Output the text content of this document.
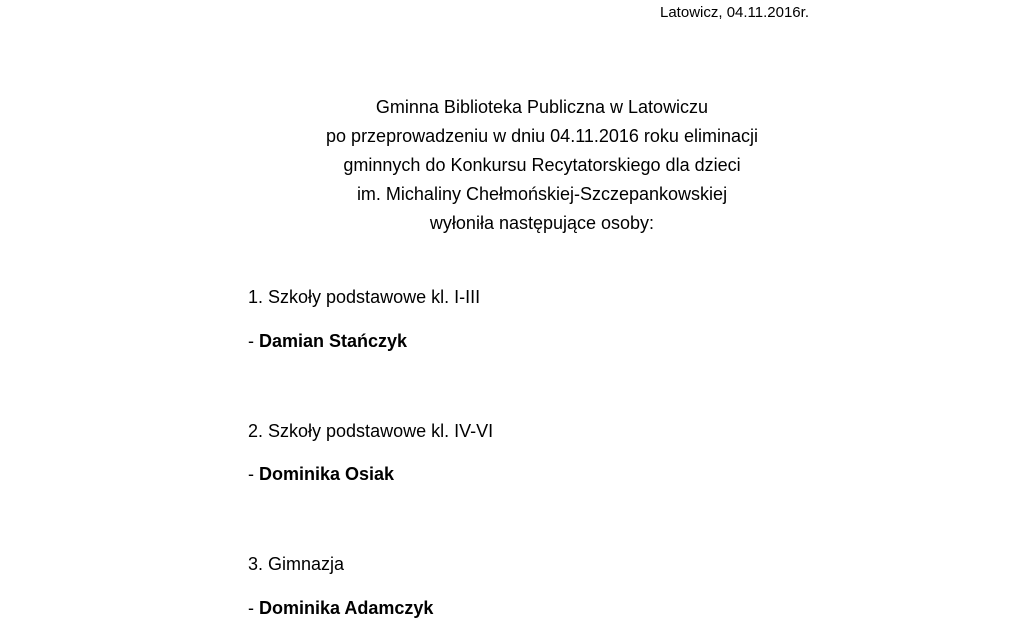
Latowicz, 04.11.2016r.
Gminna Biblioteka Publiczna w Latowiczu
po przeprowadzeniu w dniu 04.11.2016 roku eliminacji
gminnych do Konkursu Recytatorskiego dla dzieci
im. Michaliny Chełmońskiej-Szczepankowskiej
wyłoniła następujące osoby:
1. Szkoły podstawowe kl. I-III
- Damian Stańczyk
2. Szkoły podstawowe kl. IV-VI
- Dominika Osiak
3. Gimnazja
- Dominika Adamczyk
